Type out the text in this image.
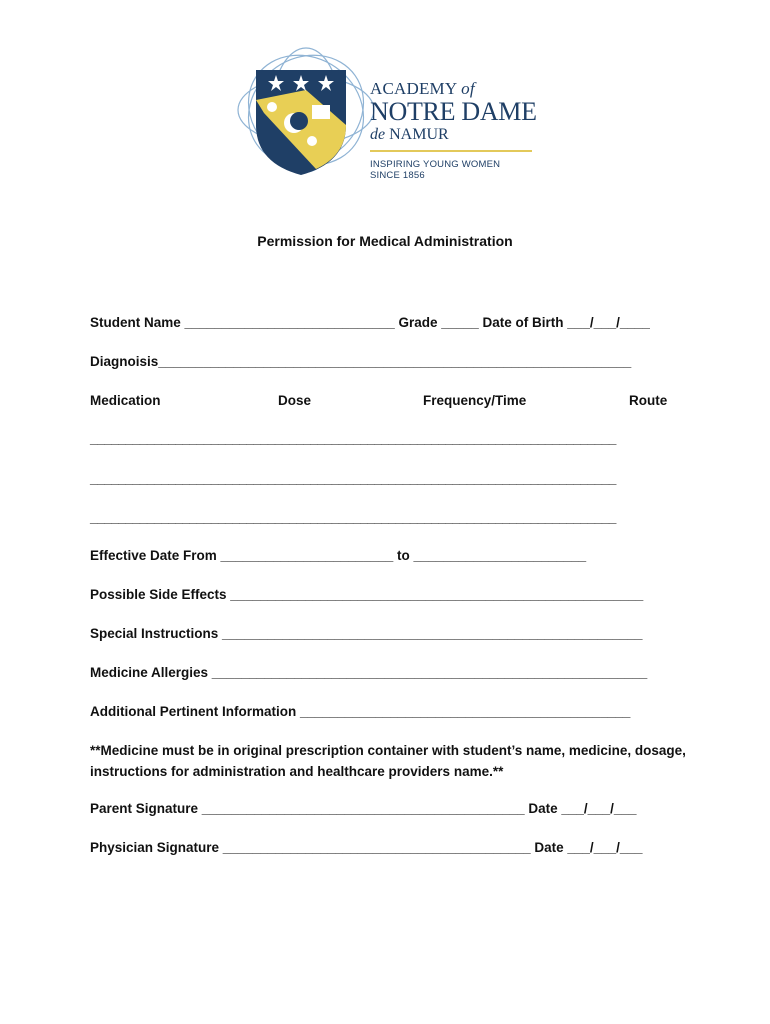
ACADEMY of
NOTRE DAME
de NAMUR
INSPIRING YOUNG WOMEN
SINCE 1856
Permission for Medical Administration
Student Name ____________________________ Grade _____ Date of Birth ___/___/____
Diagnoisis_______________________________________________________________
Medication	Dose	Frequency/Time	Route
__________________________________________________________________________
__________________________________________________________________________
__________________________________________________________________________
Effective Date From _______________________ to _______________________
Possible Side Effects _______________________________________________________
Special Instructions ________________________________________________________
Medicine Allergies __________________________________________________________
Additional Pertinent Information ____________________________________________
**Medicine must be in original prescription container with student’s name, medicine, dosage, instructions for administration and healthcare providers name.**
Parent Signature ___________________________________________ Date ___/___/___
Physician Signature _________________________________________ Date ___/___/___
